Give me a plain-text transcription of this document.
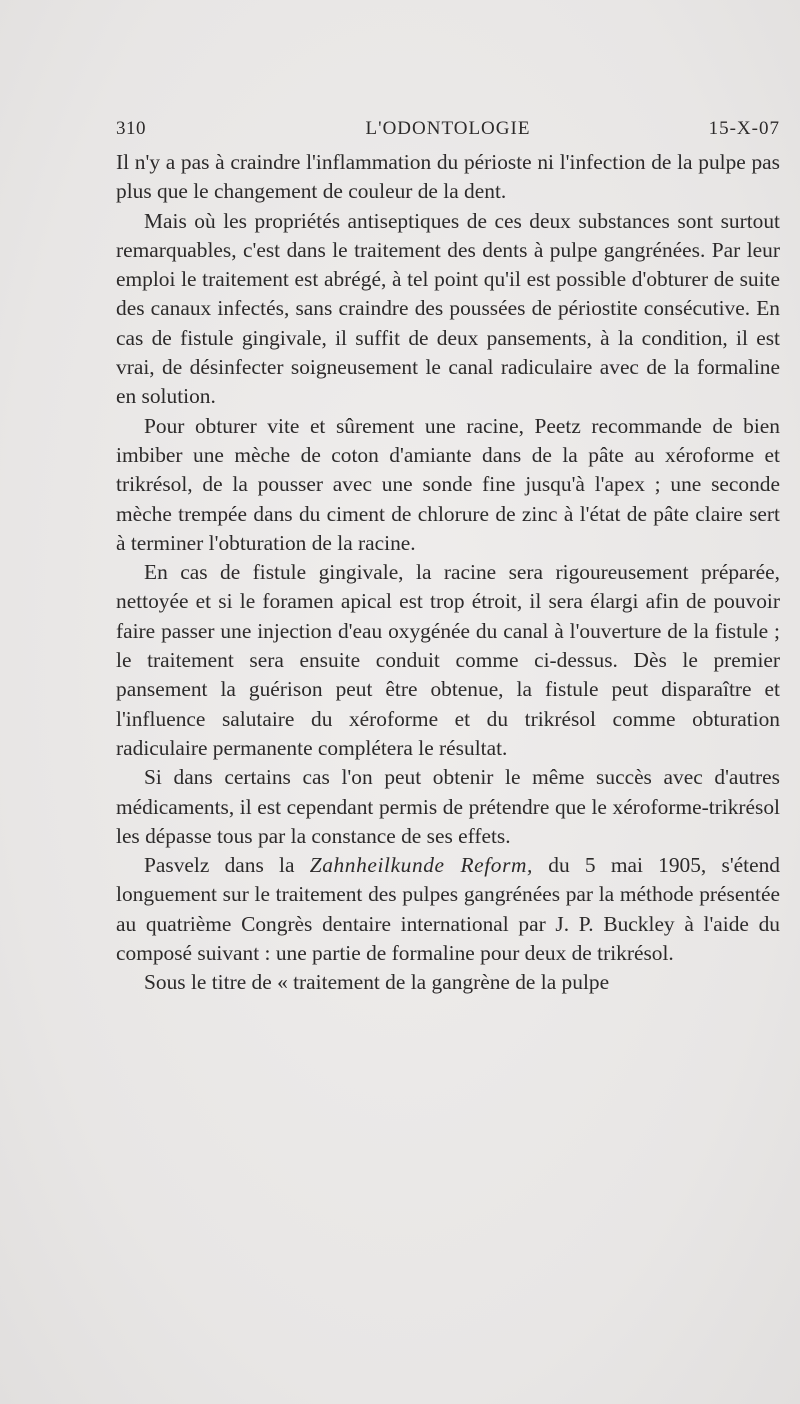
310	L'ODONTOLOGIE	15-X-07

Il n'y a pas à craindre l'inflammation du périoste ni l'infection de la pulpe pas plus que le changement de couleur de la dent.

Mais où les propriétés antiseptiques de ces deux substances sont surtout remarquables, c'est dans le traitement des dents à pulpe gangrénées. Par leur emploi le traitement est abrégé, à tel point qu'il est possible d'obturer de suite des canaux infectés, sans craindre des poussées de périostite consécutive. En cas de fistule gingivale, il suffit de deux pansements, à la condition, il est vrai, de désinfecter soigneusement le canal radiculaire avec de la formaline en solution.

Pour obturer vite et sûrement une racine, Peetz recommande de bien imbiber une mèche de coton d'amiante dans de la pâte au xéroforme et trikrésol, de la pousser avec une sonde fine jusqu'à l'apex ; une seconde mèche trempée dans du ciment de chlorure de zinc à l'état de pâte claire sert à terminer l'obturation de la racine.

En cas de fistule gingivale, la racine sera rigoureusement préparée, nettoyée et si le foramen apical est trop étroit, il sera élargi afin de pouvoir faire passer une injection d'eau oxygénée du canal à l'ouverture de la fistule ; le traitement sera ensuite conduit comme ci-dessus. Dès le premier pansement la guérison peut être obtenue, la fistule peut disparaître et l'influence salutaire du xéroforme et du trikrésol comme obturation radiculaire permanente complétera le résultat.

Si dans certains cas l'on peut obtenir le même succès avec d'autres médicaments, il est cependant permis de prétendre que le xéroforme-trikrésol les dépasse tous par la constance de ses effets.

Pasvelz dans la Zahnheilkunde Reform, du 5 mai 1905, s'étend longuement sur le traitement des pulpes gangrénées par la méthode présentée au quatrième Congrès dentaire international par J. P. Buckley à l'aide du composé suivant : une partie de formaline pour deux de trikrésol.

Sous le titre de « traitement de la gangrène de la pulpe
